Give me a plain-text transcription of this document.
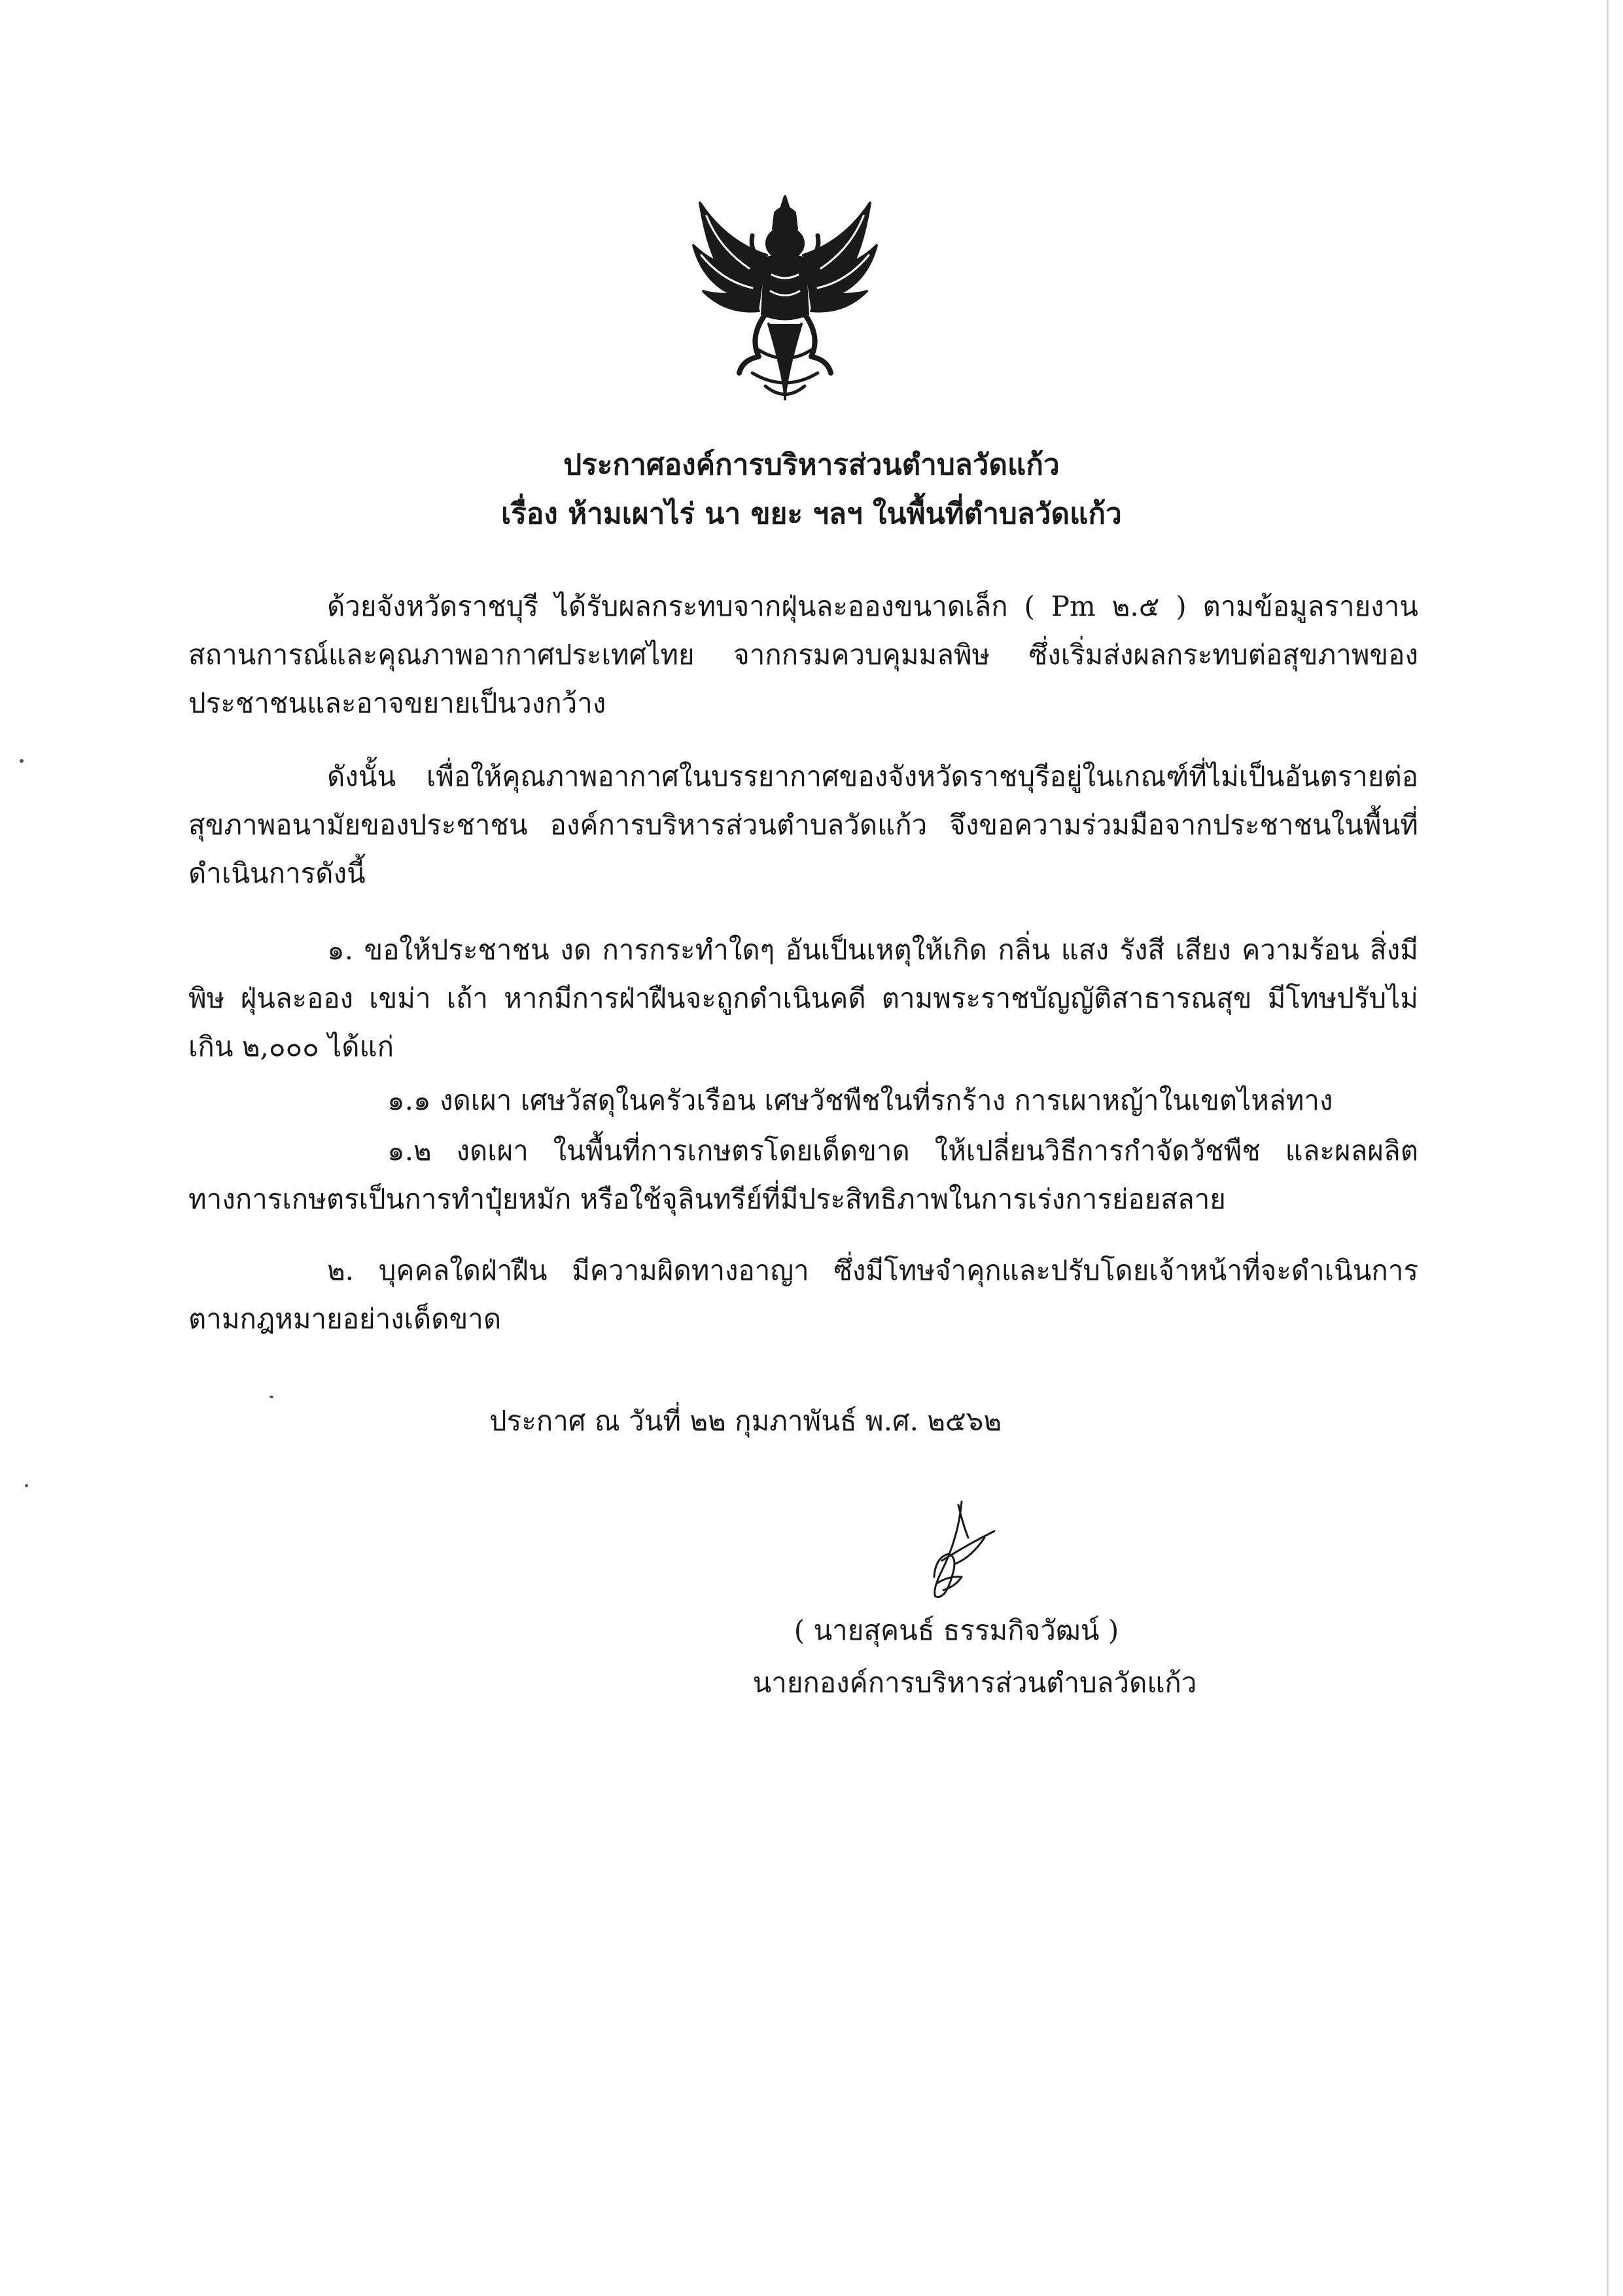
ประกาศองค์การบริหารส่วนตำบลวัดแก้ว
เรื่อง ห้ามเผาไร่ นา ขยะ ฯลฯ ในพื้นที่ตำบลวัดแก้ว

ด้วยจังหวัดราชบุรี ได้รับผลกระทบจากฝุ่นละอองขนาดเล็ก ( Pm ๒.๕ ) ตามข้อมูลรายงานสถานการณ์และคุณภาพอากาศประเทศไทย จากกรมควบคุมมลพิษ ซึ่งเริ่มส่งผลกระทบต่อสุขภาพของประชาชนและอาจขยายเป็นวงกว้าง

ดังนั้น เพื่อให้คุณภาพอากาศในบรรยากาศของจังหวัดราชบุรีอยู่ในเกณฑ์ที่ไม่เป็นอันตรายต่อสุขภาพอนามัยของประชาชน องค์การบริหารส่วนตำบลวัดแก้ว จึงขอความร่วมมือจากประชาชนในพื้นที่ดำเนินการดังนี้

๑. ขอให้ประชาชน งด การกระทำใดๆ อันเป็นเหตุให้เกิด กลิ่น แสง รังสี เสียง ความร้อน สิ่งมีพิษ ฝุ่นละออง เขม่า เถ้า หากมีการฝ่าฝืนจะถูกดำเนินคดี ตามพระราชบัญญัติสาธารณสุข มีโทษปรับไม่เกิน ๒,๐๐๐ ได้แก่

๑.๑ งดเผา เศษวัสดุในครัวเรือน เศษวัชพืชในที่รกร้าง การเผาหญ้าในเขตไหล่ทาง

๑.๒ งดเผา ในพื้นที่การเกษตรโดยเด็ดขาด ให้เปลี่ยนวิธีการกำจัดวัชพืช และผลผลิตทางการเกษตรเป็นการทำปุ๋ยหมัก หรือใช้จุลินทรีย์ที่มีประสิทธิภาพในการเร่งการย่อยสลาย

๒. บุคคลใดฝ่าฝืน มีความผิดทางอาญา ซึ่งมีโทษจำคุกและปรับโดยเจ้าหน้าที่จะดำเนินการตามกฎหมายอย่างเด็ดขาด

ประกาศ ณ วันที่ ๒๒ กุมภาพันธ์ พ.ศ. ๒๕๖๒
( นายสุคนธ์ ธรรมกิจวัฒน์ )
นายกองค์การบริหารส่วนตำบลวัดแก้ว
